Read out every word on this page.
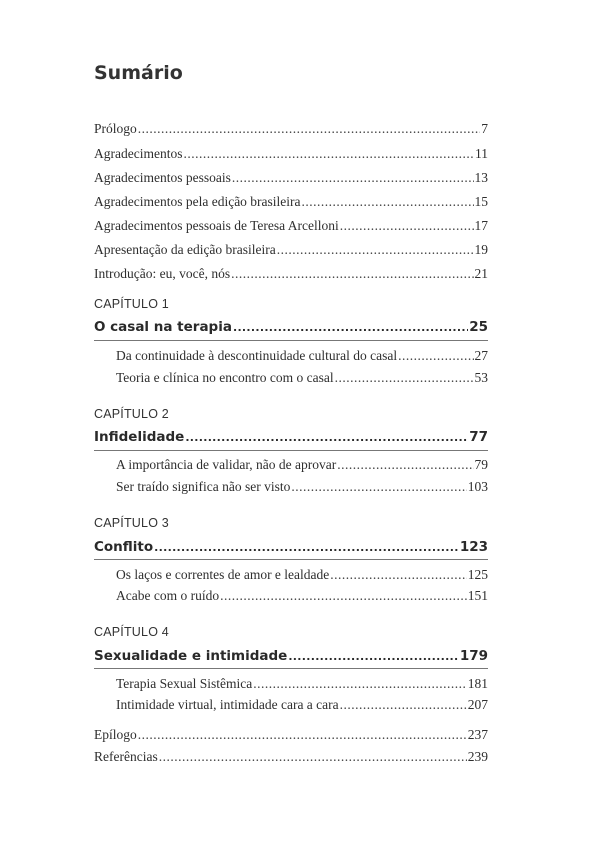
Sumário
Prólogo .....	7
Agradecimentos .....	11
Agradecimentos pessoais .....	13
Agradecimentos pela edição brasileira .....	15
Agradecimentos pessoais de Teresa Arcelloni .....	17
Apresentação da edição brasileira .....	19
Introdução: eu, você, nós .....	21
CAPÍTULO 1
O casal na terapia .....	25
Da continuidade à descontinuidade cultural do casal .....	27
Teoria e clínica no encontro com o casal .....	53
CAPÍTULO 2
Infidelidade .....	77
A importância de validar, não de aprovar .....	79
Ser traído significa não ser visto .....	103
CAPÍTULO 3
Conflito .....	123
Os laços e correntes de amor e lealdade .....	125
Acabe com o ruído .....	151
CAPÍTULO 4
Sexualidade e intimidade .....	179
Terapia Sexual Sistêmica .....	181
Intimidade virtual, intimidade cara a cara .....	207
Epílogo .....	237
Referências .....	239
